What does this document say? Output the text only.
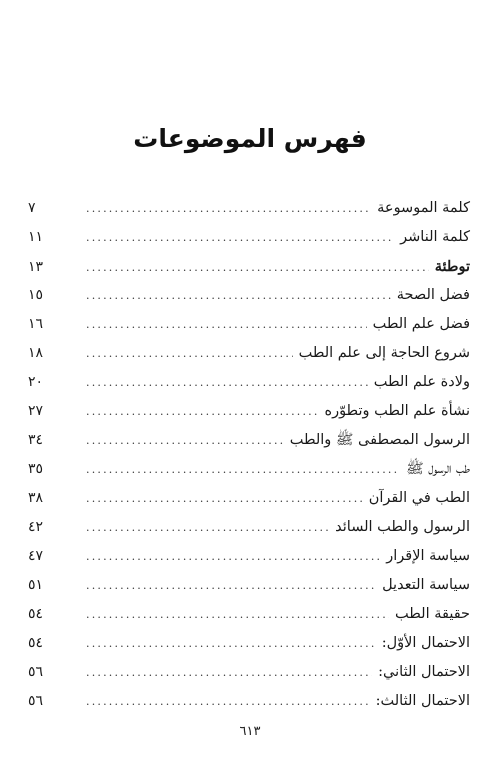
فهرس الموضوعات
كلمة الموسوعة
.....
٧
كلمة الناشر
.....
١١
توطئة
.....
١٣
فضل الصحة
.....
١٥
فضل علم الطب
.....
١٦
شروع الحاجة إلى علم الطب
.....
١٨
ولادة علم الطب
.....
٢٠
نشأة علم الطب وتطوّره
.....
٢٧
الرسول المصطفى ﷺ والطب
.....
٣٤
طب الرسول ﷺ
.....
٣٥
الطب في القرآن
.....
٣٨
الرسول والطب السائد
.....
٤٢
سياسة الإقرار
.....
٤٧
سياسة التعديل
.....
٥١
حقيقة الطب
.....
٥٤
الاحتمال الأوّل:
.....
٥٤
الاحتمال الثاني:
.....
٥٦
الاحتمال الثالث:
.....
٥٦
٦١٣
